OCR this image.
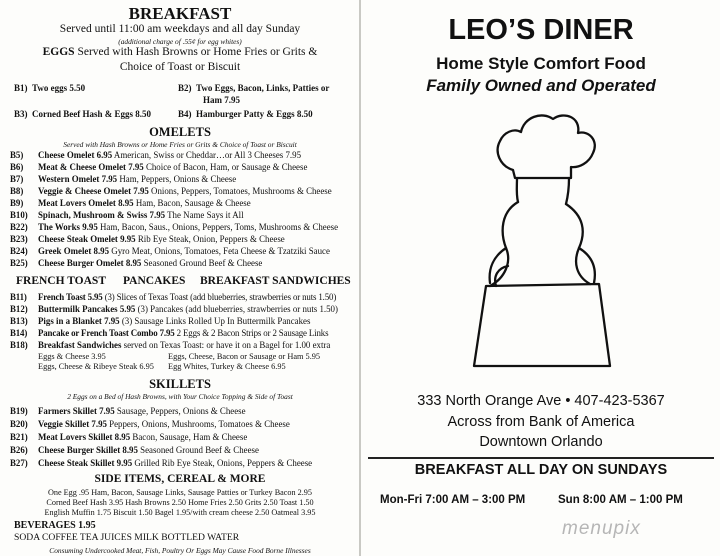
BREAKFAST
Served until 11:00 am weekdays and all day Sunday
(additional charge of .55¢ for egg whites)
EGGS Served with Hash Browns or Home Fries or Grits &
Choice of Toast or Biscuit
B1) Two eggs 5.50	B2) Two Eggs, Bacon, Links, Patties or
Ham 7.95
B3) Corned Beef Hash & Eggs 8.50	B4) Hamburger Patty & Eggs 8.50
OMELETS
Served with Hash Browns or Home Fries or Grits & Choice of Toast or Biscuit
B5) Cheese Omelet 6.95 American, Swiss or Cheddar…or All 3 Cheeses 7.95
B6) Meat & Cheese Omelet 7.95 Choice of Bacon, Ham, or Sausage & Cheese
B7) Western Omelet 7.95 Ham, Peppers, Onions & Cheese
B8) Veggie & Cheese Omelet 7.95 Onions, Peppers, Tomatoes, Mushrooms & Cheese
B9) Meat Lovers Omelet 8.95 Ham, Bacon, Sausage & Cheese
B10) Spinach, Mushroom & Swiss 7.95 The Name Says it All
B22) The Works 9.95 Ham, Bacon, Saus., Onions, Peppers, Toms, Mushrooms & Cheese
B23) Cheese Steak Omelet 9.95 Rib Eye Steak, Onion, Peppers & Cheese
B24) Greek Omelet 8.95 Gyro Meat, Onions, Tomatoes, Feta Cheese & Tzatziki Sauce
B25) Cheese Burger Omelet 8.95 Seasoned Ground Beef & Cheese
FRENCH TOAST PANCAKES BREAKFAST SANDWICHES
B11) French Toast 5.95 (3) Slices of Texas Toast (add blueberries, strawberries or nuts 1.50)
B12) Buttermilk Pancakes 5.95 (3) Pancakes (add blueberries, strawberries or nuts 1.50)
B13) Pigs in a Blanket 7.95 (3) Sausage Links Rolled Up In Buttermilk Pancakes
B14) Pancake or French Toast Combo 7.95 2 Eggs & 2 Bacon Strips or 2 Sausage Links
B18) Breakfast Sandwiches served on Texas Toast: or have it on a Bagel for 1.00 extra
Eggs & Cheese 3.95	Eggs, Cheese, Bacon or Sausage or Ham 5.95
Eggs, Cheese & Ribeye Steak 6.95 Egg Whites, Turkey & Cheese 6.95
SKILLETS
2 Eggs on a Bed of Hash Browns, with Your Choice Topping & Side of Toast
B19) Farmers Skillet 7.95 Sausage, Peppers, Onions & Cheese
B20) Veggie Skillet 7.95 Peppers, Onions, Mushrooms, Tomatoes & Cheese
B21) Meat Lovers Skillet 8.95 Bacon, Sausage, Ham & Cheese
B26) Cheese Burger Skillet 8.95 Seasoned Ground Beef & Cheese
B27) Cheese Steak Skillet 9.95 Grilled Rib Eye Steak, Onions, Peppers & Cheese
SIDE ITEMS, CEREAL & MORE
One Egg .95 Ham, Bacon, Sausage Links, Sausage Patties or Turkey Bacon 2.95
Corned Beef Hash 3.95 Hash Browns 2.50 Home Fries 2.50 Grits 2.50 Toast 1.50
English Muffin 1.75 Biscuit 1.50 Bagel 1.95/with cream cheese 2.50 Oatmeal 3.95
BEVERAGES 1.95
SODA COFFEE TEA JUICES MILK BOTTLED WATER
Consuming Undercooked Meat, Fish, Poultry Or Eggs May Cause Food Borne Illnesses
LEO’S DINER
Home Style Comfort Food
Family Owned and Operated
333 North Orange Ave • 407-423-5367
Across from Bank of America
Downtown Orlando
BREAKFAST ALL DAY ON SUNDAYS
Mon-Fri 7:00 AM – 3:00 PM	Sun 8:00 AM – 1:00 PM
menupix
